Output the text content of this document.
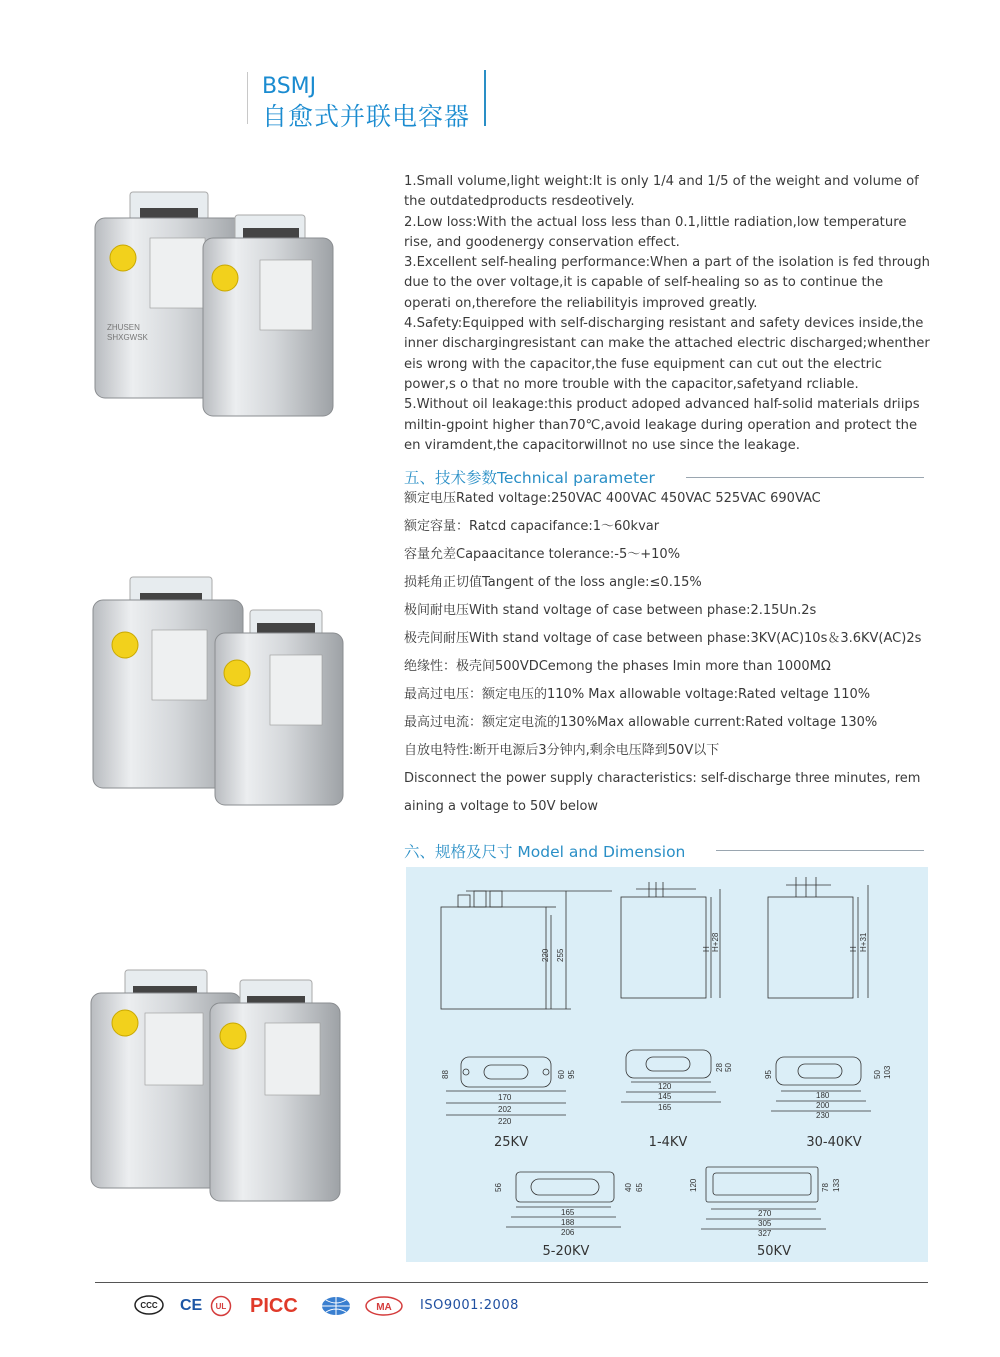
BSMJ
自愈式并联电容器
ZHUSEN
SHXGWSK

1.Small volume,light weight:It is only 1/4 and 1/5 of the weight and volume of the outdatedproducts resdeotively.

2.Low loss:With the actual loss less than 0.1,little radiation,low temperature rise, and goodenergy conservation effect.

3.Excellent self-healing performance:When a part of the isolation is fed through due to the over voltage,it is capable of self-healing so as to continue the operati on,therefore the reliabilityis improved greatly.

4.Safety:Equipped with self-discharging resistant and safety devices inside,the inner dischargingresistant can make the attached electric discharged;whenther eis wrong with the capacitor,the fuse equipment can cut out the electric power,s o that no more trouble with the capacitor,safetyand rcliable.

5.Without oil leakage:this product adoped advanced half-solid materials driips miltin-gpoint higher than70℃,avoid leakage during operation and protect the en viramdent,the capacitorwillnot no use since the leakage.

五、技术参数Technical parameter
额定电压Rated voltage:250VAC 400VAC 450VAC 525VAC 690VAC
额定容量：Ratcd capacifance:1～60kvar
容量允差Capaacitance tolerance:-5～+10%
损耗角正切值Tangent of the loss angle:≤0.15%
极间耐电压With stand voltage of case between phase:2.15Un.2s
极壳间耐压With stand voltage of case between phase:3KV(AC)10s＆3.6KV(AC)2s
绝缘性：极壳间500VDCemong the phases Imin more than 1000MΩ
最高过电压：额定电压的110% Max allowable voltage:Rated veltage 110%
最高过电流：额定定电流的130%Max allowable current:Rated voltage 130%
自放电特性:断开电源后3分钟内,剩余电压降到50V以下
Disconnect the power supply characteristics: self-discharge three minutes, rem
aining a voltage to 50V below
六、规格及尺寸 Model and Dimension
220 255	H H+28	H H+31
170
202
220
88	60 95
120
145
165
28 50
180
200
230
95	50 103
165
188
206
56	40 65
270
305
327
120	78 133
25KV	1-4KV	30-40KV
5-20KV	50KV
CCC CE UL PICC	MA ISO9001:2008
